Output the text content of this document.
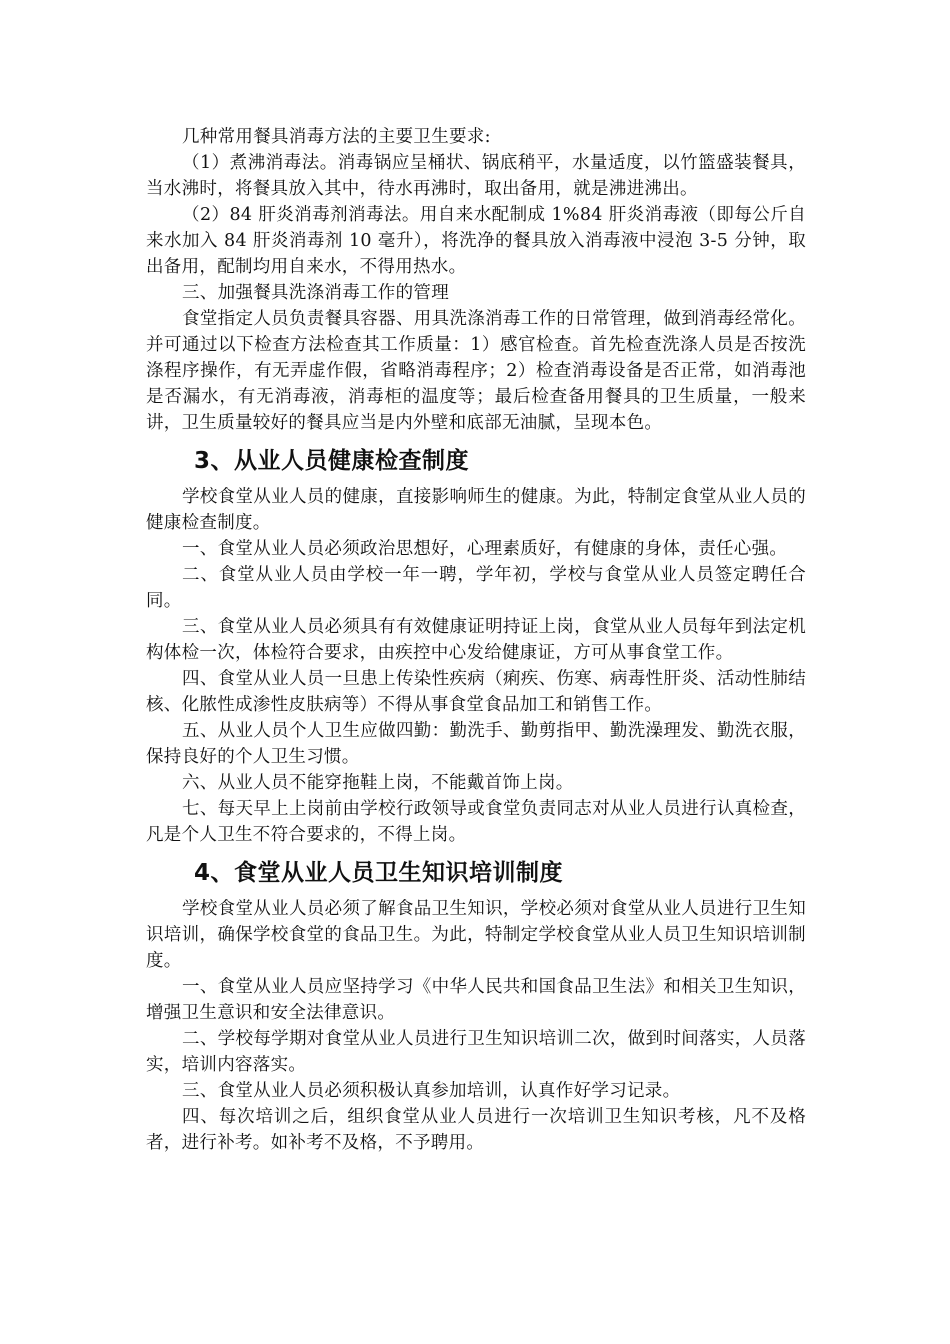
几种常用餐具消毒方法的主要卫生要求:

（1）煮沸消毒法。消毒锅应呈桶状、锅底稍平，水量适度，以竹篮盛装餐具，当水沸时，将餐具放入其中，待水再沸时，取出备用，就是沸进沸出。

（2）84 肝炎消毒剂消毒法。用自来水配制成 1%84 肝炎消毒液（即每公斤自来水加入 84 肝炎消毒剂 10 毫升），将洗净的餐具放入消毒液中浸泡 3-5 分钟，取出备用，配制均用自来水，不得用热水。

三、加强餐具洗涤消毒工作的管理

食堂指定人员负责餐具容器、用具洗涤消毒工作的日常管理，做到消毒经常化。并可通过以下检查方法检查其工作质量：1）感官检查。首先检查洗涤人员是否按洗涤程序操作，有无弄虚作假，省略消毒程序；2）检查消毒设备是否正常，如消毒池是否漏水，有无消毒液，消毒柜的温度等；最后检查备用餐具的卫生质量，一般来讲，卫生质量较好的餐具应当是内外壁和底部无油腻，呈现本色。

3、从业人员健康检查制度

学校食堂从业人员的健康，直接影响师生的健康。为此，特制定食堂从业人员的健康检查制度。

一、食堂从业人员必须政治思想好，心理素质好，有健康的身体，责任心强。

二、食堂从业人员由学校一年一聘，学年初，学校与食堂从业人员签定聘任合同。

三、食堂从业人员必须具有有效健康证明持证上岗，食堂从业人员每年到法定机构体检一次，体检符合要求，由疾控中心发给健康证，方可从事食堂工作。

四、食堂从业人员一旦患上传染性疾病（痢疾、伤寒、病毒性肝炎、活动性肺结核、化脓性成渗性皮肤病等）不得从事食堂食品加工和销售工作。

五、从业人员个人卫生应做四勤：勤洗手、勤剪指甲、勤洗澡理发、勤洗衣服，保持良好的个人卫生习惯。

六、从业人员不能穿拖鞋上岗，不能戴首饰上岗。

七、每天早上上岗前由学校行政领导或食堂负责同志对从业人员进行认真检查，凡是个人卫生不符合要求的，不得上岗。

4、食堂从业人员卫生知识培训制度

学校食堂从业人员必须了解食品卫生知识，学校必须对食堂从业人员进行卫生知识培训，确保学校食堂的食品卫生。为此，特制定学校食堂从业人员卫生知识培训制度。

一、食堂从业人员应坚持学习《中华人民共和国食品卫生法》和相关卫生知识，增强卫生意识和安全法律意识。

二、学校每学期对食堂从业人员进行卫生知识培训二次，做到时间落实，人员落实，培训内容落实。

三、食堂从业人员必须积极认真参加培训，认真作好学习记录。

四、每次培训之后，组织食堂从业人员进行一次培训卫生知识考核，凡不及格者，进行补考。如补考不及格，不予聘用。
